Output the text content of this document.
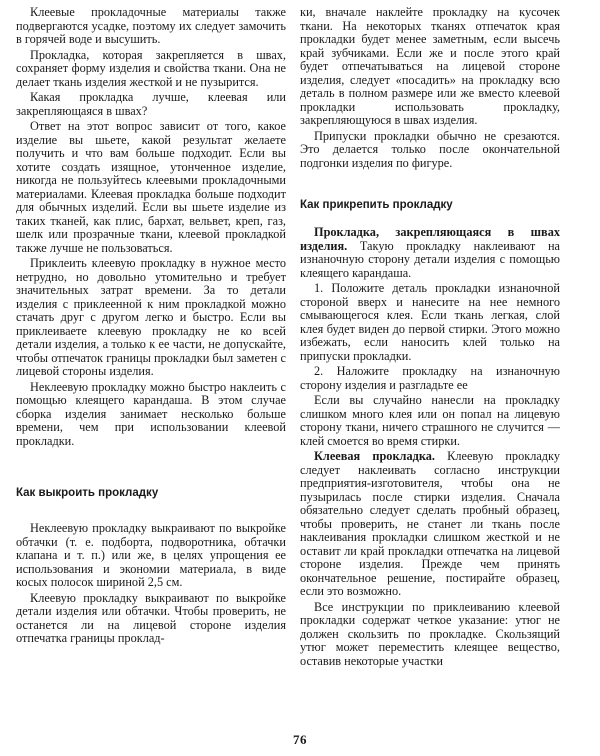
Клеевые прокладочные материалы также подвергаются усадке, поэтому их следует замочить в горячей воде и высушить.

Прокладка, которая закрепляется в швах, сохраняет форму изделия и свойства ткани. Она не делает ткань изделия жесткой и не пузырится.

Какая прокладка лучше, клеевая или закрепляющаяся в швах?

Ответ на этот вопрос зависит от того, какое изделие вы шьете, какой результат желаете получить и что вам больше подходит. Если вы хотите создать изящное, утонченное изделие, никогда не пользуйтесь клеевыми прокладочными материалами. Клеевая прокладка больше подходит для обычных изделий. Если вы шьете изделие из таких тканей, как плис, бархат, вельвет, креп, газ, шелк или прозрачные ткани, клеевой прокладкой также лучше не пользоваться.

Приклеить клеевую прокладку в нужное место нетрудно, но довольно утомительно и требует значительных затрат времени. За то детали изделия с приклеенной к ним прокладкой можно стачать друг с другом легко и быстро. Если вы приклеиваете клеевую прокладку не ко всей детали изделия, а только к ее части, не допускайте, чтобы отпечаток границы прокладки был заметен с лицевой стороны изделия.

Неклеевую прокладку можно быстро наклеить с помощью клеящего карандаша. В этом случае сборка изделия занимает несколько больше времени, чем при использовании клеевой прокладки.

Как выкроить прокладку

Неклеевую прокладку выкраивают по выкройке обтачки (т. е. подборта, подворотника, обтачки клапана и т. п.) или же, в целях упрощения ее использования и экономии материала, в виде косых полосок шириной 2,5 см.

Клеевую прокладку выкраивают по выкройке детали изделия или обтачки. Чтобы проверить, не останется ли на лицевой стороне изделия отпечатка границы проклад-

ки, вначале наклейте прокладку на кусочек ткани. На некоторых тканях отпечаток края прокладки будет менее заметным, если высечь край зубчиками. Если же и после этого край будет отпечатываться на лицевой стороне изделия, следует «посадить» на прокладку всю деталь в полном размере или же вместо клеевой прокладки использовать прокладку, закрепляющуюся в швах изделия.

Припуски прокладки обычно не срезаются. Это делается только после окончательной подгонки изделия по фигуре.

Как прикрепить прокладку

Прокладка, закрепляющаяся в швах изделия. Такую прокладку наклеивают на изнаночную сторону детали изделия с помощью клеящего карандаша.

1. Положите деталь прокладки изнаночной стороной вверх и нанесите на нее немного смывающегося клея. Если ткань легкая, слой клея будет виден до первой стирки. Этого можно избежать, если наносить клей только на припуски прокладки.

2. Наложите прокладку на изнаночную сторону изделия и разгладьте ее

Если вы случайно нанесли на прокладку слишком много клея или он попал на лицевую сторону ткани, ничего страшного не случится — клей смоется во время стирки.

Клеевая прокладка. Клеевую прокладку следует наклеивать согласно инструкции предприятия-изготовителя, чтобы она не пузырилась после стирки изделия. Сначала обязательно следует сделать пробный образец, чтобы проверить, не станет ли ткань после наклеивания прокладки слишком жесткой и не оставит ли край прокладки отпечатка на лицевой стороне изделия. Прежде чем принять окончательное решение, постирайте образец, если это возможно.

Все инструкции по приклеиванию клеевой прокладки содержат четкое указание: утюг не должен скользить по прокладке. Скользящий утюг может переместить клеящее вещество, оставив некоторые участки

76
